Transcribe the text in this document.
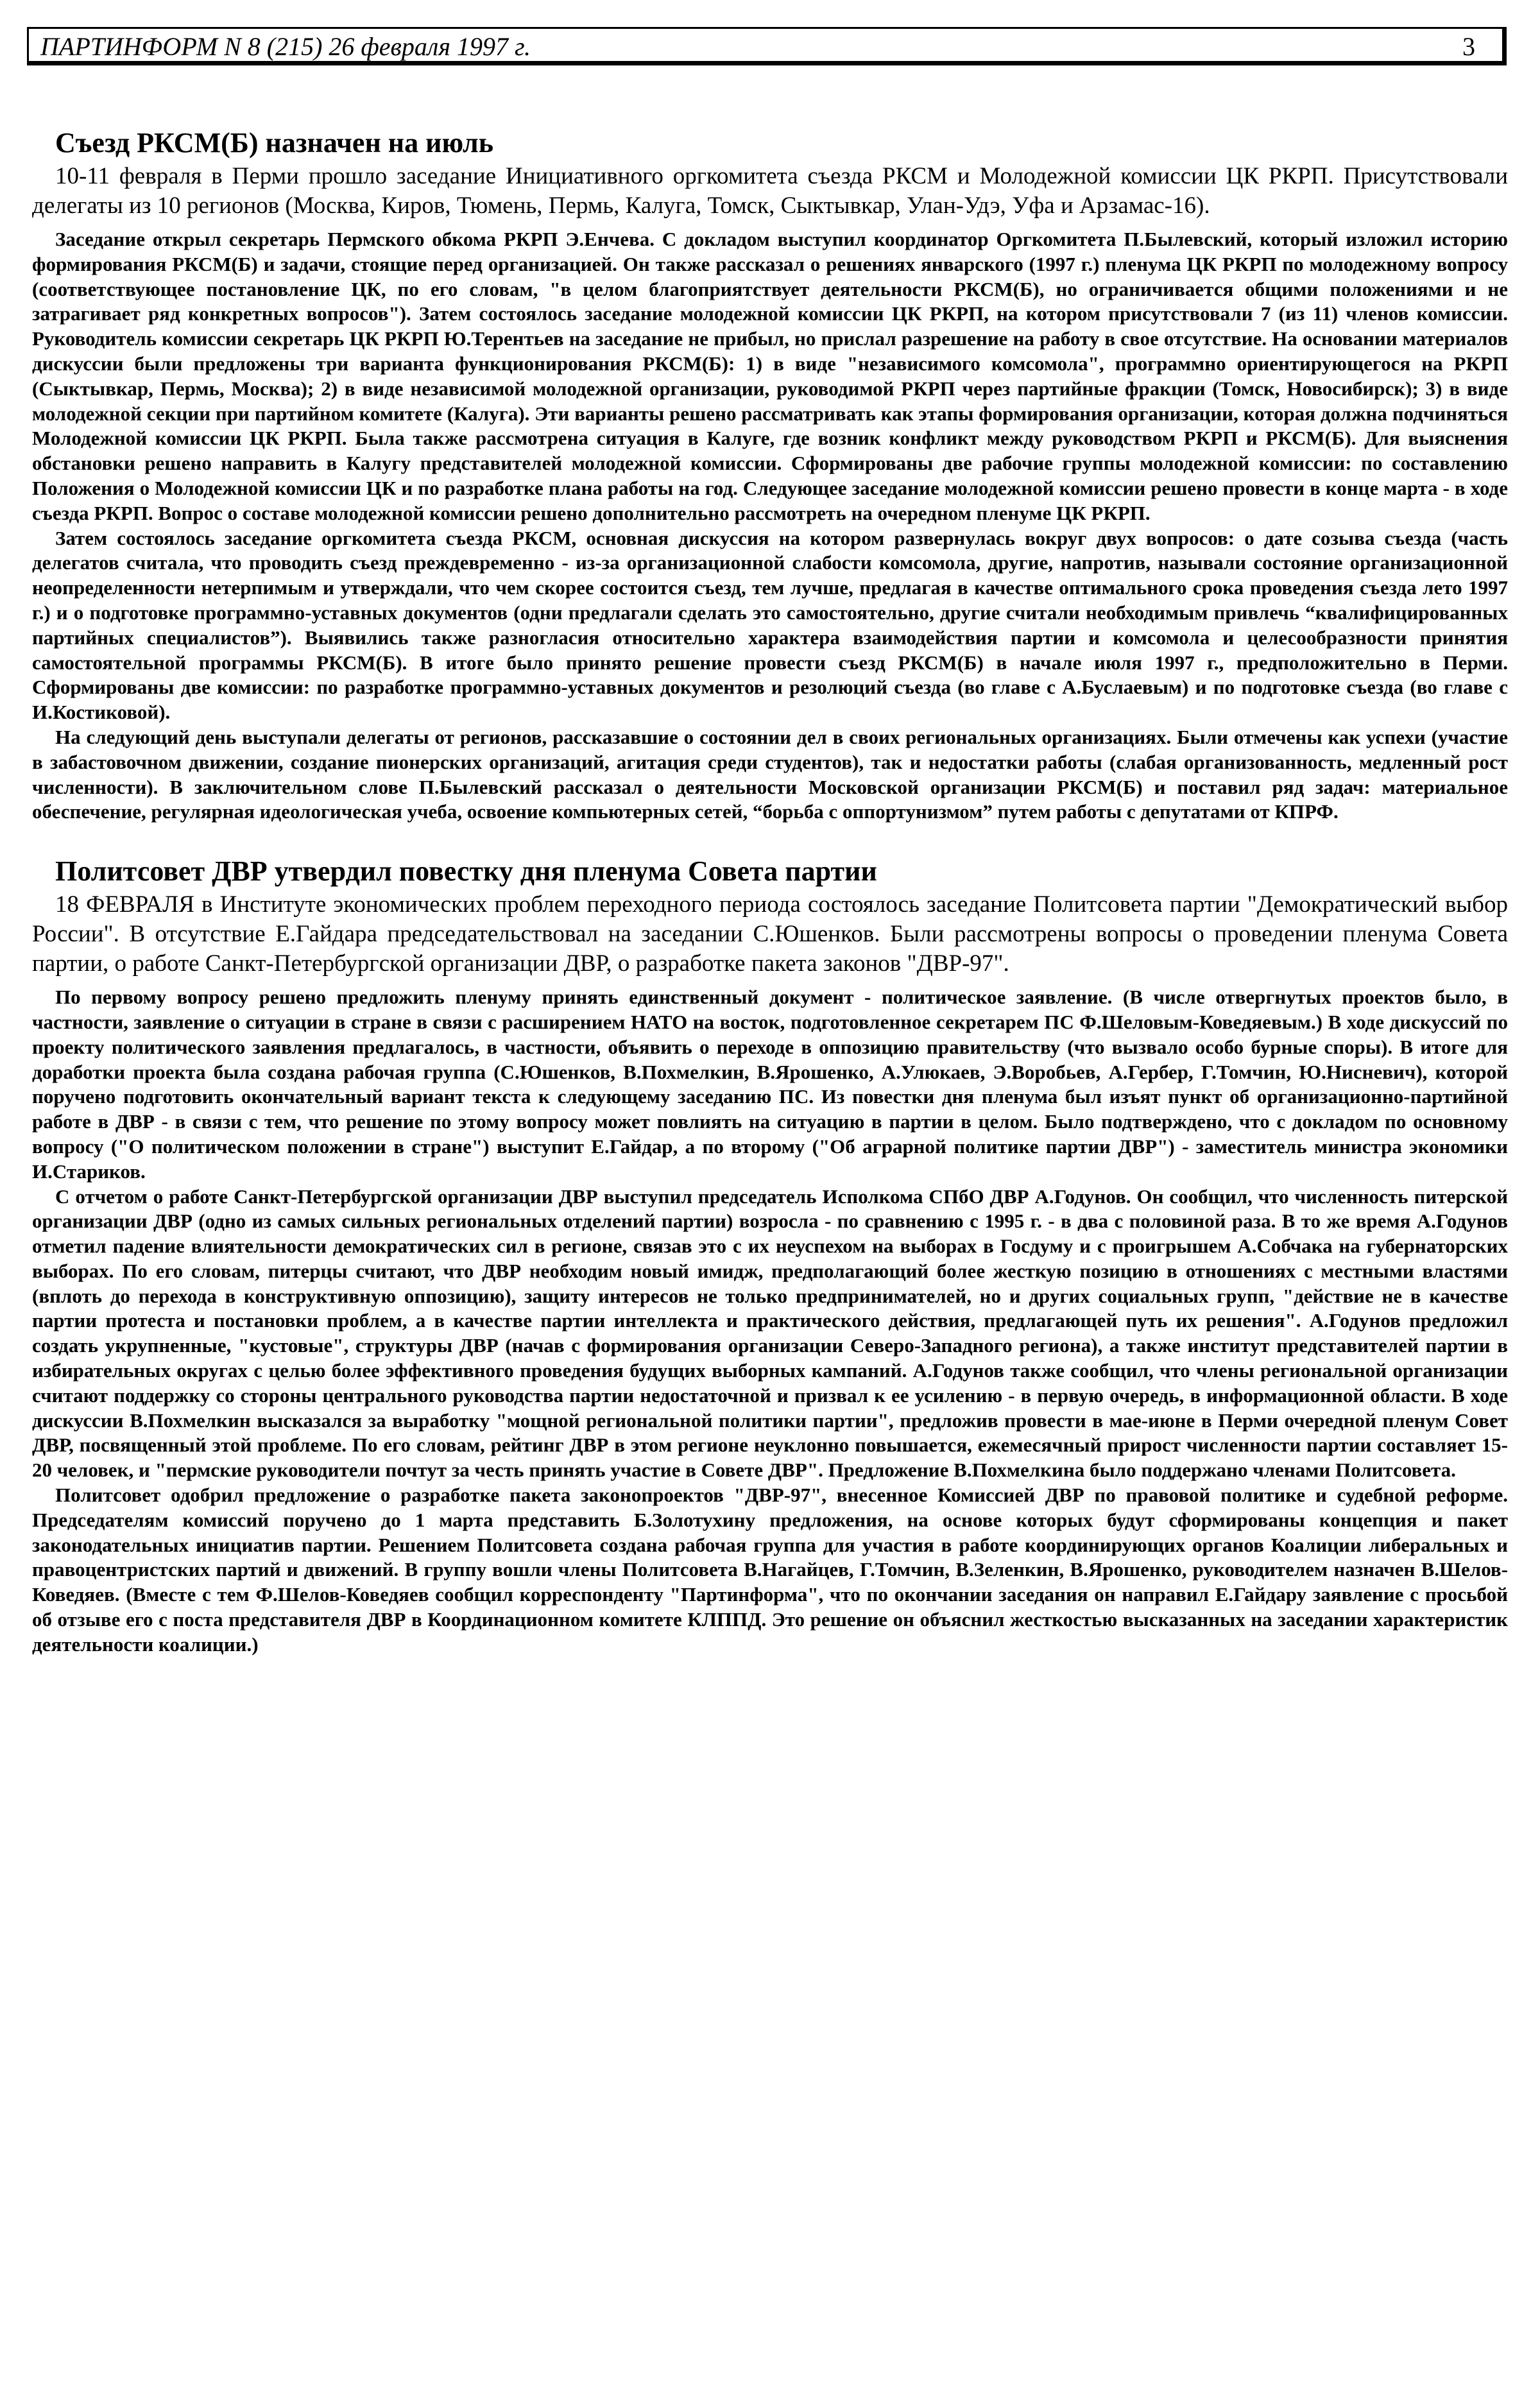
ПАРТИНФОРМ N 8 (215) 26 февраля 1997 г.	3
Съезд РКСМ(Б) назначен на июль

10-11 февраля в Перми прошло заседание Инициативного оргкомитета съезда РКСМ и Молодежной комиссии ЦК РКРП. Присутствовали делегаты из 10 регионов (Москва, Киров, Тюмень, Пермь, Калуга, Томск, Сыктывкар, Улан-Удэ, Уфа и Арзамас-16).

Заседание открыл секретарь Пермского обкома РКРП Э.Енчева. С докладом выступил координатор Оргкомитета П.Былевский, который изложил историю формирования РКСМ(Б) и задачи, стоящие перед организацией. Он также рассказал о решениях январского (1997 г.) пленума ЦК РКРП по молодежному вопросу (соответствующее постановление ЦК, по его словам, "в целом благоприятствует деятельности РКСМ(Б), но ограничивается общими положениями и не затрагивает ряд конкретных вопросов"). Затем состоялось заседание молодежной комиссии ЦК РКРП, на котором присутствовали 7 (из 11) членов комиссии. Руководитель комиссии секретарь ЦК РКРП Ю.Терентьев на заседание не прибыл, но прислал разрешение на работу в свое отсутствие. На основании материалов дискуссии были предложены три варианта функционирования РКСМ(Б): 1) в виде "независимого комсомола", программно ориентирующегося на РКРП (Сыктывкар, Пермь, Москва); 2) в виде независимой молодежной организации, руководимой РКРП через партийные фракции (Томск, Новосибирск); 3) в виде молодежной секции при партийном комитете (Калуга). Эти варианты решено рассматривать как этапы формирования организации, которая должна подчиняться Молодежной комиссии ЦК РКРП. Была также рассмотрена ситуация в Калуге, где возник конфликт между руководством РКРП и РКСМ(Б). Для выяснения обстановки решено направить в Калугу представителей молодежной комиссии. Сформированы две рабочие группы молодежной комиссии: по составлению Положения о Молодежной комиссии ЦК и по разработке плана работы на год. Следующее заседание молодежной комиссии решено провести в конце марта - в ходе съезда РКРП. Вопрос о составе молодежной комиссии решено дополнительно рассмотреть на очередном пленуме ЦК РКРП.

Затем состоялось заседание оргкомитета съезда РКСМ, основная дискуссия на котором развернулась вокруг двух вопросов: о дате созыва съезда (часть делегатов считала, что проводить съезд преждевременно - из-за организационной слабости комсомола, другие, напротив, называли состояние организационной неопределенности нетерпимым и утверждали, что чем скорее состоится съезд, тем лучше, предлагая в качестве оптимального срока проведения съезда лето 1997 г.) и о подготовке программно-уставных документов (одни предлагали сделать это самостоятельно, другие считали необходимым привлечь “квалифицированных партийных специалистов”). Выявились также разногласия относительно характера взаимодействия партии и комсомола и целесообразности принятия самостоятельной программы РКСМ(Б). В итоге было принято решение провести съезд РКСМ(Б) в начале июля 1997 г., предположительно в Перми. Сформированы две комиссии: по разработке программно-уставных документов и резолюций съезда (во главе с А.Буслаевым) и по подготовке съезда (во главе с И.Костиковой).

На следующий день выступали делегаты от регионов, рассказавшие о состоянии дел в своих региональных организациях. Были отмечены как успехи (участие в забастовочном движении, создание пионерских организаций, агитация среди студентов), так и недостатки работы (слабая организованность, медленный рост численности). В заключительном слове П.Былевский рассказал о деятельности Московской организации РКСМ(Б) и поставил ряд задач: материальное обеспечение, регулярная идеологическая учеба, освоение компьютерных сетей, “борьба с оппортунизмом” путем работы с депутатами от КПРФ.

Политсовет ДВР утвердил повестку дня пленума Совета партии

18 ФЕВРАЛЯ в Институте экономических проблем переходного периода состоялось заседание Политсовета партии "Демократический выбор России". В отсутствие Е.Гайдара председательствовал на заседании С.Юшенков. Были рассмотрены вопросы о проведении пленума Совета партии, о работе Санкт-Петербургской организации ДВР, о разработке пакета законов "ДВР-97".

По первому вопросу решено предложить пленуму принять единственный документ - политическое заявление. (В числе отвергнутых проектов было, в частности, заявление о ситуации в стране в связи с расширением НАТО на восток, подготовленное секретарем ПС Ф.Шеловым-Коведяевым.) В ходе дискуссий по проекту политического заявления предлагалось, в частности, объявить о переходе в оппозицию правительству (что вызвало особо бурные споры). В итоге для доработки проекта была создана рабочая группа (С.Юшенков, В.Похмелкин, В.Ярошенко, А.Улюкаев, Э.Воробьев, А.Гербер, Г.Томчин, Ю.Нисневич), которой поручено подготовить окончательный вариант текста к следующему заседанию ПС. Из повестки дня пленума был изъят пункт об организационно-партийной работе в ДВР - в связи с тем, что решение по этому вопросу может повлиять на ситуацию в партии в целом. Было подтверждено, что с докладом по основному вопросу ("О политическом положении в стране") выступит Е.Гайдар, а по второму ("Об аграрной политике партии ДВР") - заместитель министра экономики И.Стариков.

С отчетом о работе Санкт-Петербургской организации ДВР выступил председатель Исполкома СПбО ДВР А.Годунов. Он сообщил, что численность питерской организации ДВР (одно из самых сильных региональных отделений партии) возросла - по сравнению с 1995 г. - в два с половиной раза. В то же время А.Годунов отметил падение влиятельности демократических сил в регионе, связав это с их неуспехом на выборах в Госдуму и с проигрышем А.Собчака на губернаторских выборах. По его словам, питерцы считают, что ДВР необходим новый имидж, предполагающий более жесткую позицию в отношениях с местными властями (вплоть до перехода в конструктивную оппозицию), защиту интересов не только предпринимателей, но и других социальных групп, "действие не в качестве партии протеста и постановки проблем, а в качестве партии интеллекта и практического действия, предлагающей путь их решения". А.Годунов предложил создать укрупненные, "кустовые", структуры ДВР (начав с формирования организации Северо-Западного региона), а также институт представителей партии в избирательных округах с целью более эффективного проведения будущих выборных кампаний. А.Годунов также сообщил, что члены региональной организации считают поддержку со стороны центрального руководства партии недостаточной и призвал к ее усилению - в первую очередь, в информационной области. В ходе дискуссии В.Похмелкин высказался за выработку "мощной региональной политики партии", предложив провести в мае-июне в Перми очередной пленум Совет ДВР, посвященный этой проблеме. По его словам, рейтинг ДВР в этом регионе неуклонно повышается, ежемесячный прирост численности партии составляет 15-20 человек, и "пермские руководители почтут за честь принять участие в Совете ДВР". Предложение В.Похмелкина было поддержано членами Политсовета.

Политсовет одобрил предложение о разработке пакета законопроектов "ДВР-97", внесенное Комиссией ДВР по правовой политике и судебной реформе. Председателям комиссий поручено до 1 марта представить Б.Золотухину предложения, на основе которых будут сформированы концепция и пакет законодательных инициатив партии. Решением Политсовета создана рабочая группа для участия в работе координирующих органов Коалиции либеральных и правоцентристских партий и движений. В группу вошли члены Политсовета В.Нагайцев, Г.Томчин, В.Зеленкин, В.Ярошенко, руководителем назначен В.Шелов-Коведяев. (Вместе с тем Ф.Шелов-Коведяев сообщил корреспонденту "Партинформа", что по окончании заседания он направил Е.Гайдару заявление с просьбой об отзыве его с поста представителя ДВР в Координационном комитете КЛППД. Это решение он объяснил жесткостью высказанных на заседании характеристик деятельности коалиции.)
